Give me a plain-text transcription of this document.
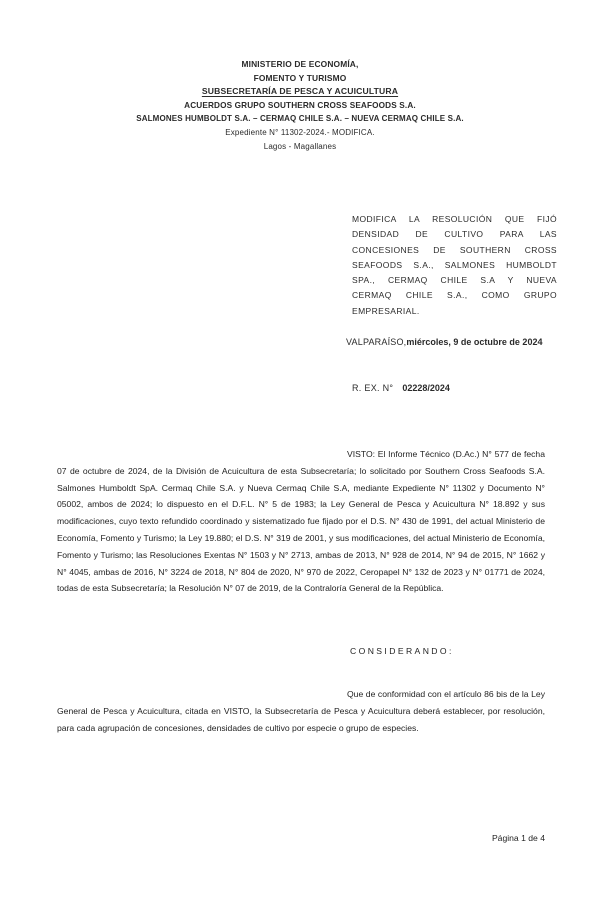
MINISTERIO DE ECONOMÍA,
FOMENTO Y TURISMO
SUBSECRETARÍA DE PESCA Y ACUICULTURA
ACUERDOS GRUPO SOUTHERN CROSS SEAFOODS S.A.
SALMONES HUMBOLDT S.A. – CERMAQ CHILE S.A. – NUEVA CERMAQ CHILE S.A.
Expediente N° 11302-2024.- MODIFICA.
Lagos - Magallanes
MODIFICA LA RESOLUCIÓN QUE FIJÓ DENSIDAD DE CULTIVO PARA LAS CONCESIONES DE SOUTHERN CROSS SEAFOODS S.A., SALMONES HUMBOLDT SPA., CERMAQ CHILE S.A Y NUEVA CERMAQ CHILE S.A., COMO GRUPO EMPRESARIAL.
VALPARAÍSO,miércoles, 9 de octubre de 2024
R. EX. N° 02228/2024
VISTO: El Informe Técnico (D.Ac.) N° 577 de fecha 07 de octubre de 2024, de la División de Acuicultura de esta Subsecretaría; lo solicitado por Southern Cross Seafoods S.A. Salmones Humboldt SpA. Cermaq Chile S.A. y Nueva Cermaq Chile S.A, mediante Expediente N° 11302 y Documento N° 05002, ambos de 2024; lo dispuesto en el D.F.L. N° 5 de 1983; la Ley General de Pesca y Acuicultura N° 18.892 y sus modificaciones, cuyo texto refundido coordinado y sistematizado fue fijado por el D.S. N° 430 de 1991, del actual Ministerio de Economía, Fomento y Turismo; la Ley 19.880; el D.S. N° 319 de 2001, y sus modificaciones, del actual Ministerio de Economía, Fomento y Turismo; las Resoluciones Exentas N° 1503 y N° 2713, ambas de 2013, N° 928 de 2014, N° 94 de 2015, N° 1662 y N° 4045, ambas de 2016, N° 3224 de 2018, N° 804 de 2020, N° 970 de 2022, Ceropapel N° 132 de 2023 y N° 01771 de 2024, todas de esta Subsecretaría; la Resolución N° 07 de 2019, de la Contraloría General de la República.
CONSIDERANDO:
Que de conformidad con el artículo 86 bis de la Ley General de Pesca y Acuicultura, citada en VISTO, la Subsecretaría de Pesca y Acuicultura deberá establecer, por resolución, para cada agrupación de concesiones, densidades de cultivo por especie o grupo de especies.
Página 1 de 4
